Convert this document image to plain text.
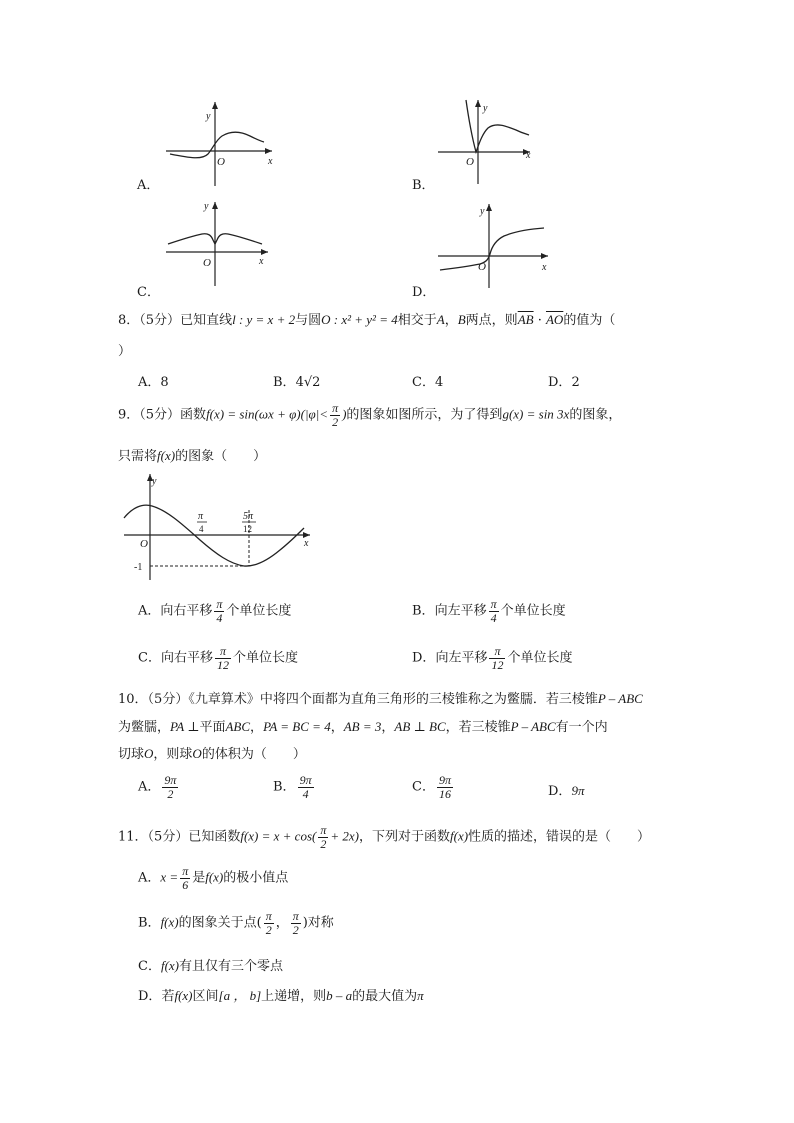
y
x
O
A．
y
x
O
B．
y
x
O
C．
y
x
O
D．
8．（5分）已知直线l : y = x + 2与圆O : x² + y² = 4相交于A，B两点，则$\overline{AB} \cdot \overline{AO}$的值为（
）
A．8	B．4√2	C．4	D．2
9．（5分）函数$f(x) = \sin(\omega x + \varphi)(|\varphi|< \frac{\pi}{2}$ )的图象如图所示，为了得到g(x) = sin 3x的图象，
只需将f(x)的图象（　　）
y
x
O
-1
π
4
5π
12
A．向右平移 $\frac{\pi}{4}$ 个单位长度	B．向左平移 $\frac{\pi}{4}$ 个单位长度
C．向右平移 $\frac{\pi}{12}$ 个单位长度	D．向左平移 $\frac{\pi}{12}$ 个单位长度
10．（5分）《九章算术》中将四个面都为直角三角形的三棱锥称之为鳖臑．若三棱锥P – ABC
为鳖臑，PA ⊥平面ABC，PA = BC = 4，AB = 3，AB ⊥ BC，若三棱锥P – ABC有一个内
切球O，则球O的体积为（　　）
A． $\frac{9\pi}{2}$	B． $\frac{9\pi}{4}$	C． $\frac{9\pi}{16}$	D．9π
11．（5分）已知函数$f(x) = x + \cos( \frac{\pi}{2} + 2x)$，下列对于函数f(x)性质的描述，错误的是（　　）
A．$x = \frac{\pi}{6}$ 是f(x)的极小值点
B．f(x)的图象关于点( $\frac{\pi}{2}$ ， $\frac{\pi}{2}$ )对称
C．f(x)有且仅有三个零点
D．若f(x)区间[a ， b]上递增，则b – a的最大值为π
